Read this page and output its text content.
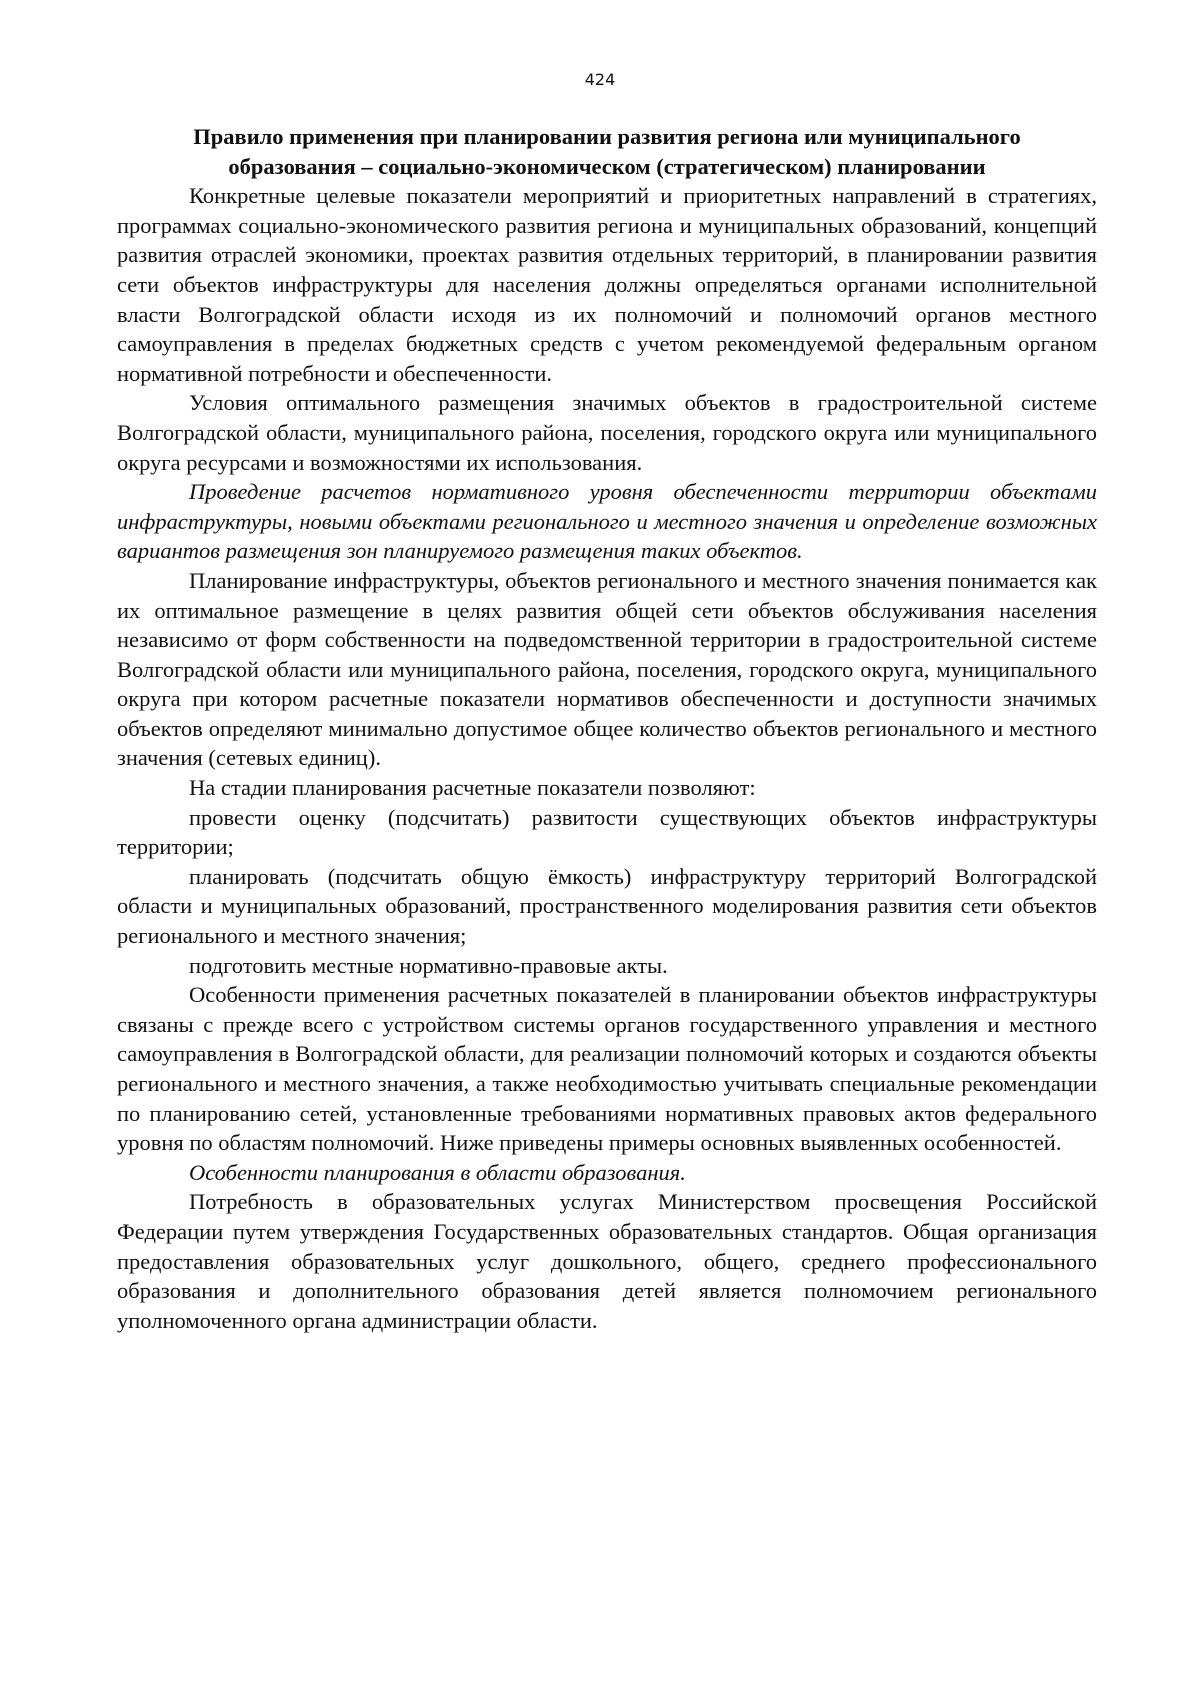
424

Правило применения при планировании развития региона или муниципального
образования – социально-экономическом (стратегическом) планировании

Конкретные целевые показатели мероприятий и приоритетных направлений в стратегиях, программах социально-экономического развития региона и муниципальных образований, концепций развития отраслей экономики, проектах развития отдельных территорий, в планировании развития сети объектов инфраструктуры для населения должны определяться органами исполнительной власти Волгоградской области исходя из их полномочий и полномочий органов местного самоуправления в пределах бюджетных средств с учетом рекомендуемой федеральным органом нормативной потребности и обеспеченности.

Условия оптимального размещения значимых объектов в градостроительной системе Волгоградской области, муниципального района, поселения, городского округа или муниципального округа ресурсами и возможностями их использования.

Проведение расчетов нормативного уровня обеспеченности территории объектами инфраструктуры, новыми объектами регионального и местного значения и определение возможных вариантов размещения зон планируемого размещения таких объектов.

Планирование инфраструктуры, объектов регионального и местного значения понимается как их оптимальное размещение в целях развития общей сети объектов обслуживания населения независимо от форм собственности на подведомственной территории в градостроительной системе Волгоградской области или муниципального района, поселения, городского округа, муниципального округа при котором расчетные показатели нормативов обеспеченности и доступности значимых объектов определяют минимально допустимое общее количество объектов регионального и местного значения (сетевых единиц).

На стадии планирования расчетные показатели позволяют:

провести оценку (подсчитать) развитости существующих объектов инфраструктуры территории;

планировать (подсчитать общую ёмкость) инфраструктуру территорий Волгоградской области и муниципальных образований, пространственного моделирования развития сети объектов регионального и местного значения;

подготовить местные нормативно-правовые акты.

Особенности применения расчетных показателей в планировании объектов инфраструктуры связаны с прежде всего с устройством системы органов государственного управления и местного самоуправления в Волгоградской области, для реализации полномочий которых и создаются объекты регионального и местного значения, а также необходимостью учитывать специальные рекомендации по планированию сетей, установленные требованиями нормативных правовых актов федерального уровня по областям полномочий. Ниже приведены примеры основных выявленных особенностей.

Особенности планирования в области образования.

Потребность в образовательных услугах Министерством просвещения Российской Федерации путем утверждения Государственных образовательных стандартов. Общая организация предоставления образовательных услуг дошкольного, общего, среднего профессионального образования и дополнительного образования детей является полномочием регионального уполномоченного органа администрации области.
